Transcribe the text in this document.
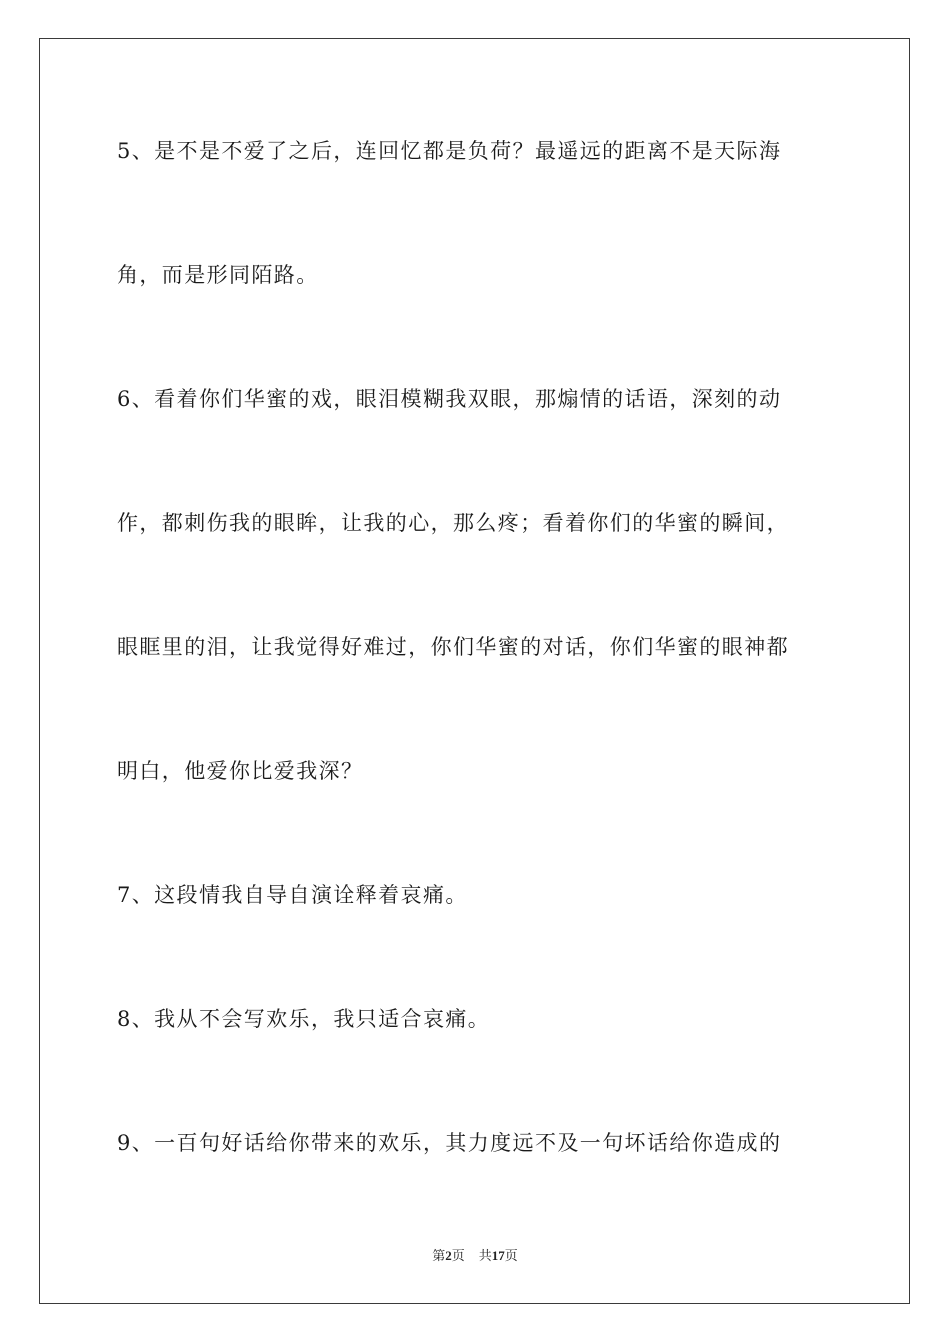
5、是不是不爱了之后，连回忆都是负荷？最遥远的距离不是天际海
角，而是形同陌路。
6、看着你们华蜜的戏，眼泪模糊我双眼，那煽情的话语，深刻的动
作，都刺伤我的眼眸，让我的心，那么疼；看着你们的华蜜的瞬间，
眼眶里的泪，让我觉得好难过，你们华蜜的对话，你们华蜜的眼神都
明白，他爱你比爱我深？
7、这段情我自导自演诠释着哀痛。
8、我从不会写欢乐，我只适合哀痛。
9、一百句好话给你带来的欢乐，其力度远不及一句坏话给你造成的
第2页 共17页
